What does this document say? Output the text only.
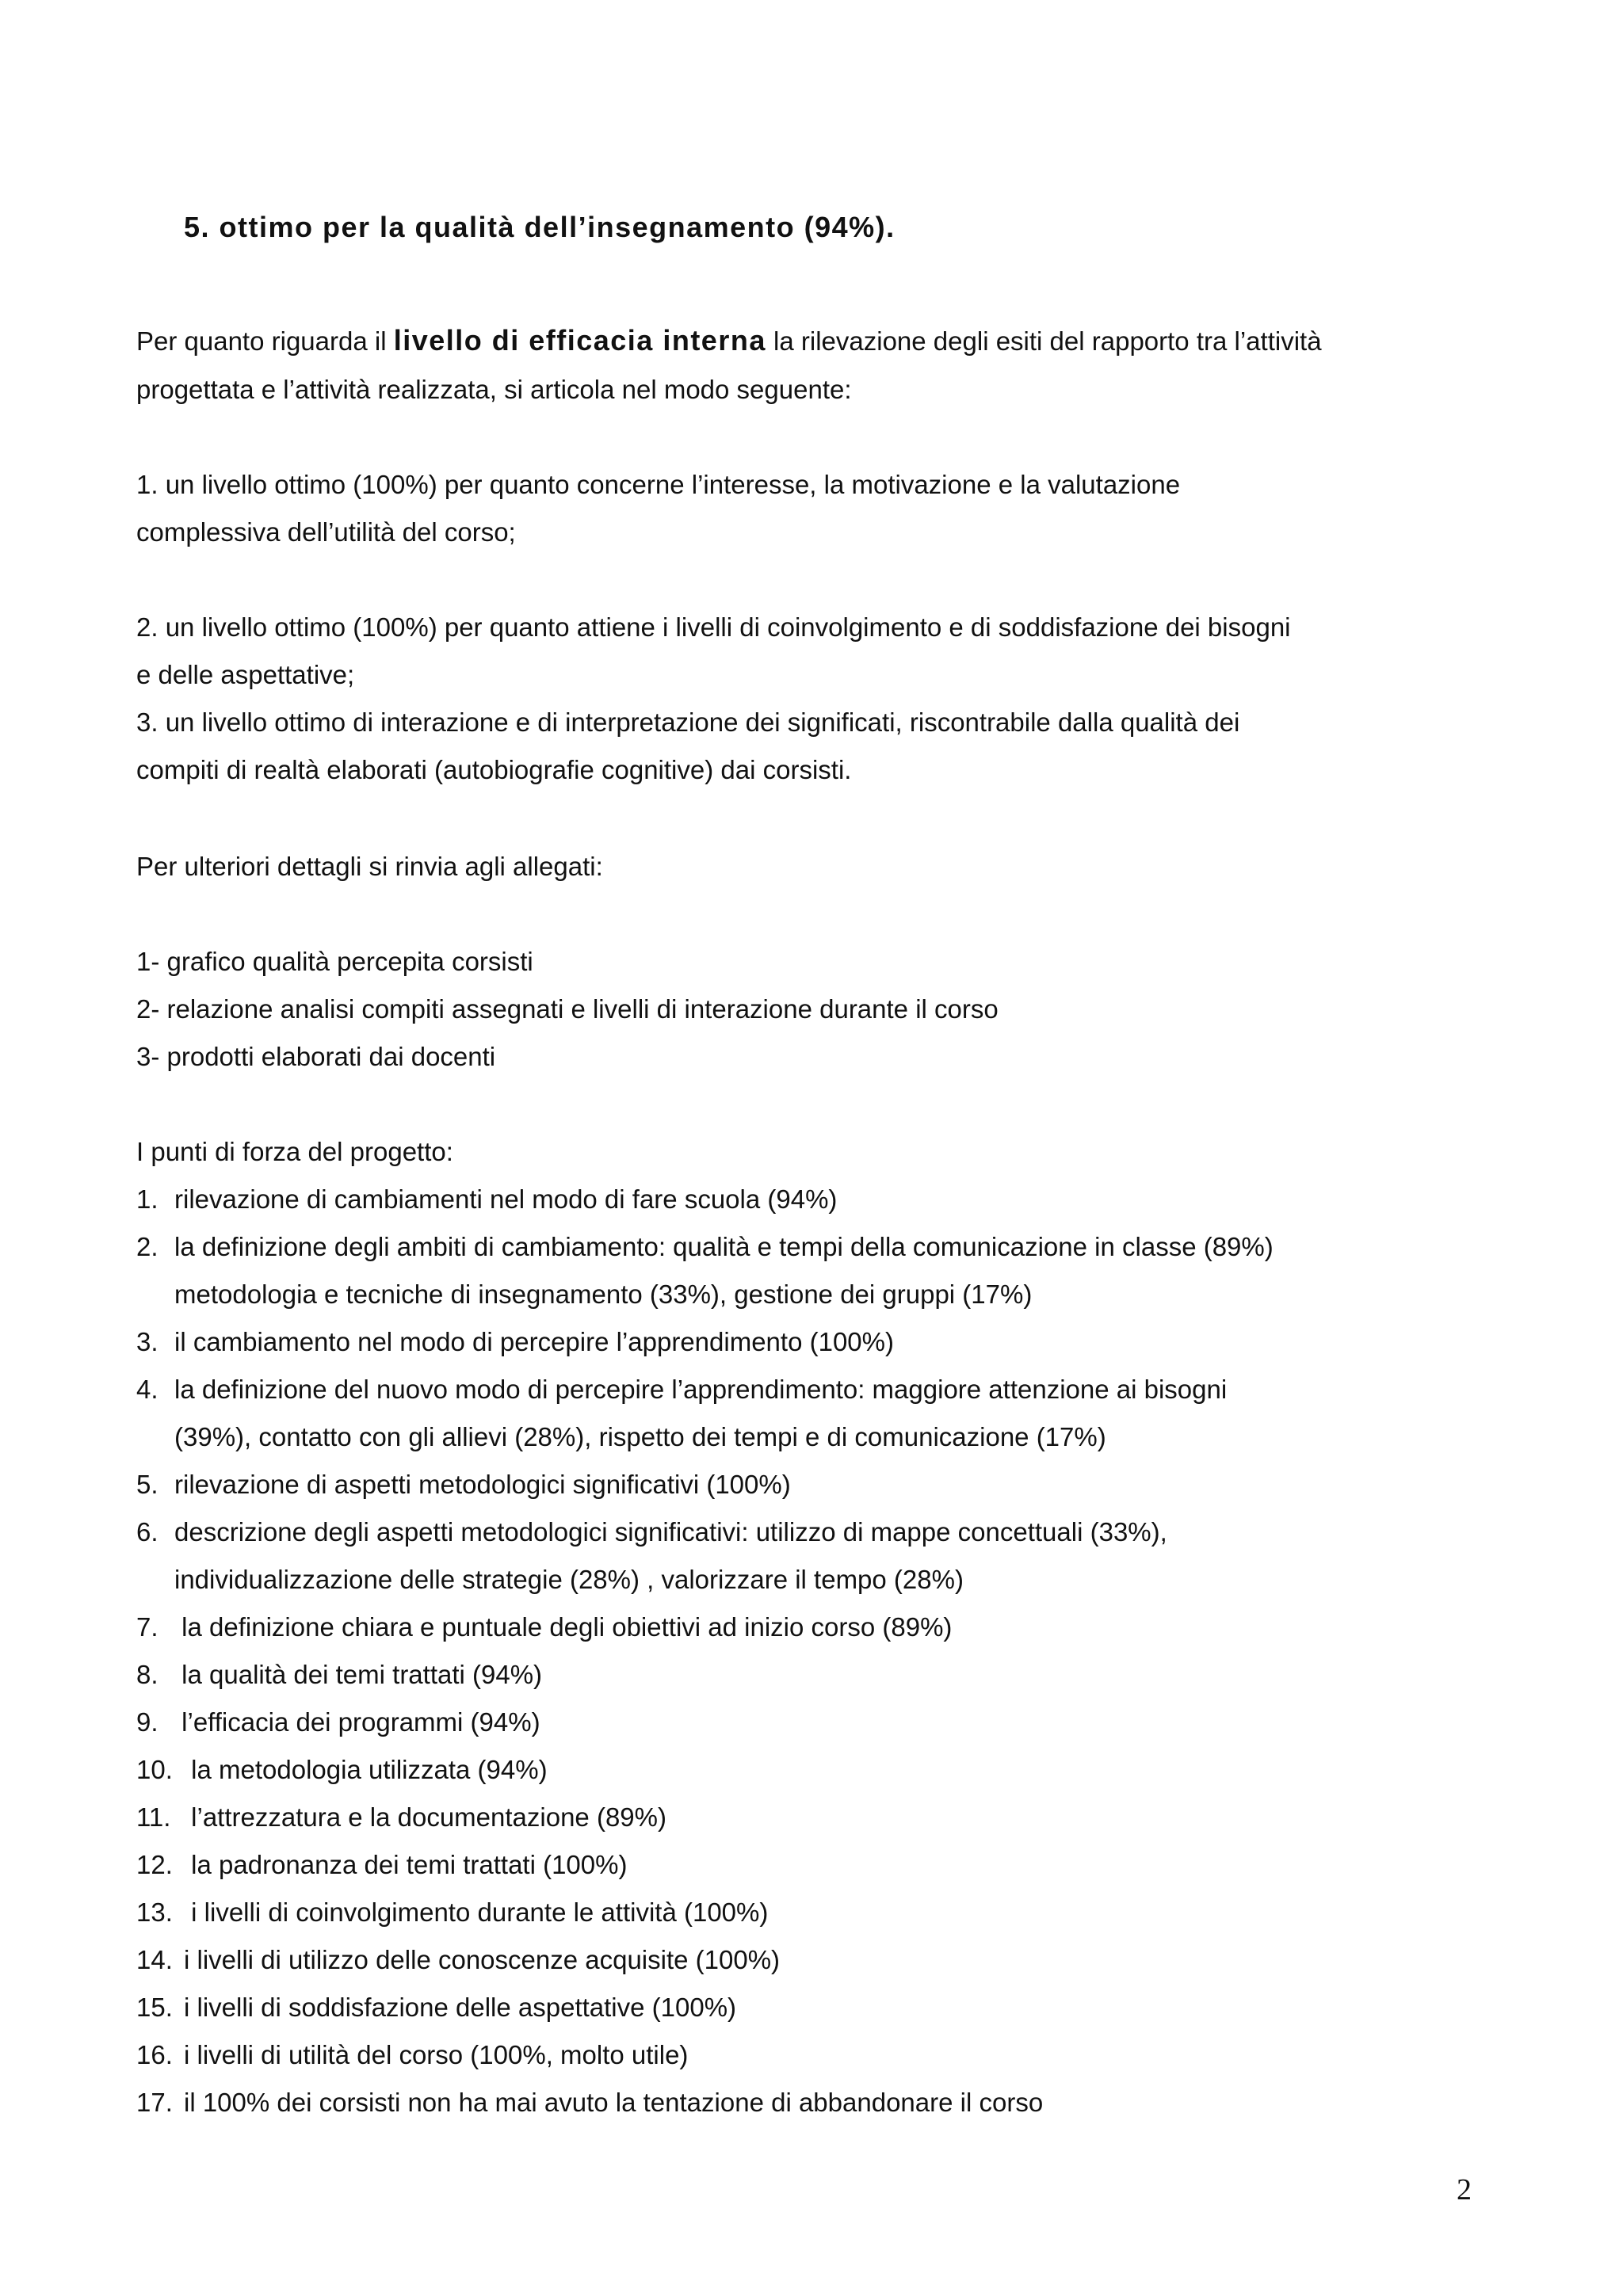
5. ottimo per la qualità dell’insegnamento (94%).
Per quanto riguarda il livello di efficacia interna la rilevazione degli esiti del rapporto tra l’attività
progettata e l’attività realizzata, si articola nel modo seguente:
1. un livello ottimo (100%) per quanto concerne l’interesse, la motivazione e la valutazione
complessiva dell’utilità del corso;
2. un livello ottimo (100%) per quanto attiene i livelli di coinvolgimento e di soddisfazione dei bisogni
e delle aspettative;
3. un livello ottimo di interazione e di interpretazione dei significati, riscontrabile dalla qualità dei
compiti di realtà elaborati (autobiografie cognitive) dai corsisti.
Per ulteriori dettagli si rinvia agli allegati:
1- grafico qualità percepita corsisti
2- relazione analisi compiti assegnati e livelli di interazione durante il corso
3- prodotti elaborati dai docenti
I punti di forza del progetto:
1. rilevazione di cambiamenti nel modo di fare scuola (94%)
2. la definizione degli ambiti di cambiamento: qualità e tempi della comunicazione in classe (89%)
metodologia e tecniche di insegnamento (33%), gestione dei gruppi (17%)
3. il cambiamento nel modo di percepire l’apprendimento (100%)
4. la definizione del nuovo modo di percepire l’apprendimento: maggiore attenzione ai bisogni
(39%), contatto con gli allievi (28%), rispetto dei tempi e di comunicazione (17%)
5. rilevazione di aspetti metodologici significativi (100%)
6. descrizione degli aspetti metodologici significativi: utilizzo di mappe concettuali (33%),
individualizzazione delle strategie (28%) , valorizzare il tempo (28%)
7. la definizione chiara e puntuale degli obiettivi ad inizio corso (89%)
8. la qualità dei temi trattati (94%)
9. l’efficacia dei programmi (94%)
10. la metodologia utilizzata (94%)
11. l’attrezzatura e la documentazione (89%)
12. la padronanza dei temi trattati (100%)
13. i livelli di coinvolgimento durante le attività (100%)
14. i livelli di utilizzo delle conoscenze acquisite (100%)
15. i livelli di soddisfazione delle aspettative (100%)
16. i livelli di utilità del corso (100%, molto utile)
17. il 100% dei corsisti non ha mai avuto la tentazione di abbandonare il corso
2
